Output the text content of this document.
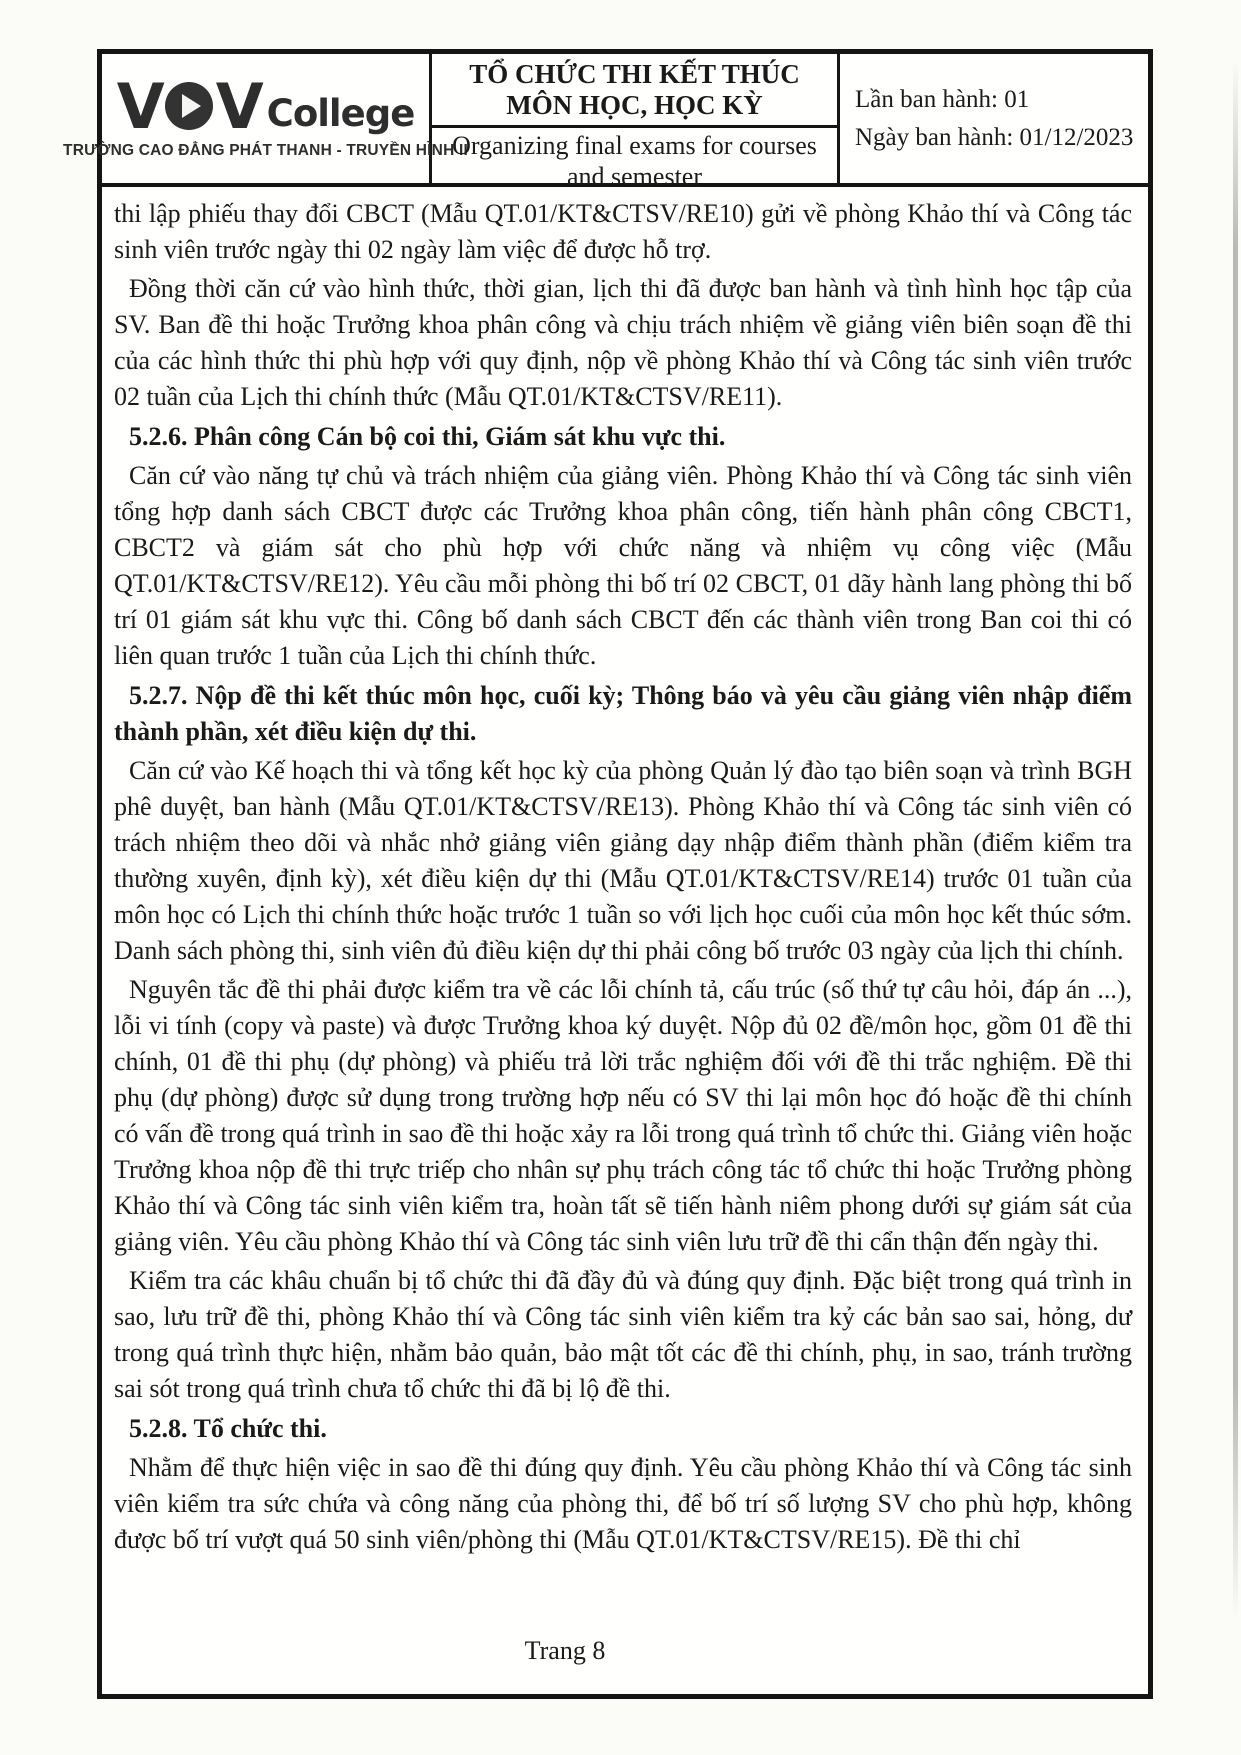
V V College
TRƯỜNG CAO ĐẲNG PHÁT THANH - TRUYỀN HÌNH II
TỔ CHỨC THI KẾT THÚC
MÔN HỌC, HỌC KỲ
Organizing final exams for courses
and semester
Lần ban hành: 01
Ngày ban hành: 01/12/2023

thi lập phiếu thay đổi CBCT (Mẫu QT.01/KT&CTSV/RE10) gửi về phòng Khảo thí và Công tác sinh viên trước ngày thi 02 ngày làm việc để được hỗ trợ.

Đồng thời căn cứ vào hình thức, thời gian, lịch thi đã được ban hành và tình hình học tập của SV. Ban đề thi hoặc Trưởng khoa phân công và chịu trách nhiệm về giảng viên biên soạn đề thi của các hình thức thi phù hợp với quy định, nộp về phòng Khảo thí và Công tác sinh viên trước 02 tuần của Lịch thi chính thức (Mẫu QT.01/KT&CTSV/RE11).

5.2.6. Phân công Cán bộ coi thi, Giám sát khu vực thi.

Căn cứ vào năng tự chủ và trách nhiệm của giảng viên. Phòng Khảo thí và Công tác sinh viên tổng hợp danh sách CBCT được các Trưởng khoa phân công, tiến hành phân công CBCT1, CBCT2 và giám sát cho phù hợp với chức năng và nhiệm vụ công việc (Mẫu QT.01/KT&CTSV/RE12). Yêu cầu mỗi phòng thi bố trí 02 CBCT, 01 dãy hành lang phòng thi bố trí 01 giám sát khu vực thi. Công bố danh sách CBCT đến các thành viên trong Ban coi thi có liên quan trước 1 tuần của Lịch thi chính thức.

5.2.7. Nộp đề thi kết thúc môn học, cuối kỳ; Thông báo và yêu cầu giảng viên nhập điểm thành phần, xét điều kiện dự thi.

Căn cứ vào Kế hoạch thi và tổng kết học kỳ của phòng Quản lý đào tạo biên soạn và trình BGH phê duyệt, ban hành (Mẫu QT.01/KT&CTSV/RE13). Phòng Khảo thí và Công tác sinh viên có trách nhiệm theo dõi và nhắc nhở giảng viên giảng dạy nhập điểm thành phần (điểm kiểm tra thường xuyên, định kỳ), xét điều kiện dự thi (Mẫu QT.01/KT&CTSV/RE14) trước 01 tuần của môn học có Lịch thi chính thức hoặc trước 1 tuần so với lịch học cuối của môn học kết thúc sớm. Danh sách phòng thi, sinh viên đủ điều kiện dự thi phải công bố trước 03 ngày của lịch thi chính.

Nguyên tắc đề thi phải được kiểm tra về các lỗi chính tả, cấu trúc (số thứ tự câu hỏi, đáp án ...), lỗi vi tính (copy và paste) và được Trưởng khoa ký duyệt. Nộp đủ 02 đề/môn học, gồm 01 đề thi chính, 01 đề thi phụ (dự phòng) và phiếu trả lời trắc nghiệm đối với đề thi trắc nghiệm. Đề thi phụ (dự phòng) được sử dụng trong trường hợp nếu có SV thi lại môn học đó hoặc đề thi chính có vấn đề trong quá trình in sao đề thi hoặc xảy ra lỗi trong quá trình tổ chức thi. Giảng viên hoặc Trưởng khoa nộp đề thi trực triếp cho nhân sự phụ trách công tác tổ chức thi hoặc Trưởng phòng Khảo thí và Công tác sinh viên kiểm tra, hoàn tất sẽ tiến hành niêm phong dưới sự giám sát của giảng viên. Yêu cầu phòng Khảo thí và Công tác sinh viên lưu trữ đề thi cẩn thận đến ngày thi.

Kiểm tra các khâu chuẩn bị tổ chức thi đã đầy đủ và đúng quy định. Đặc biệt trong quá trình in sao, lưu trữ đề thi, phòng Khảo thí và Công tác sinh viên kiểm tra kỷ các bản sao sai, hỏng, dư trong quá trình thực hiện, nhằm bảo quản, bảo mật tốt các đề thi chính, phụ, in sao, tránh trường sai sót trong quá trình chưa tổ chức thi đã bị lộ đề thi.

5.2.8. Tổ chức thi.

Nhằm để thực hiện việc in sao đề thi đúng quy định. Yêu cầu phòng Khảo thí và Công tác sinh viên kiểm tra sức chứa và công năng của phòng thi, để bố trí số lượng SV cho phù hợp, không được bố trí vượt quá 50 sinh viên/phòng thi (Mẫu QT.01/KT&CTSV/RE15). Đề thi chỉ

Trang 8
